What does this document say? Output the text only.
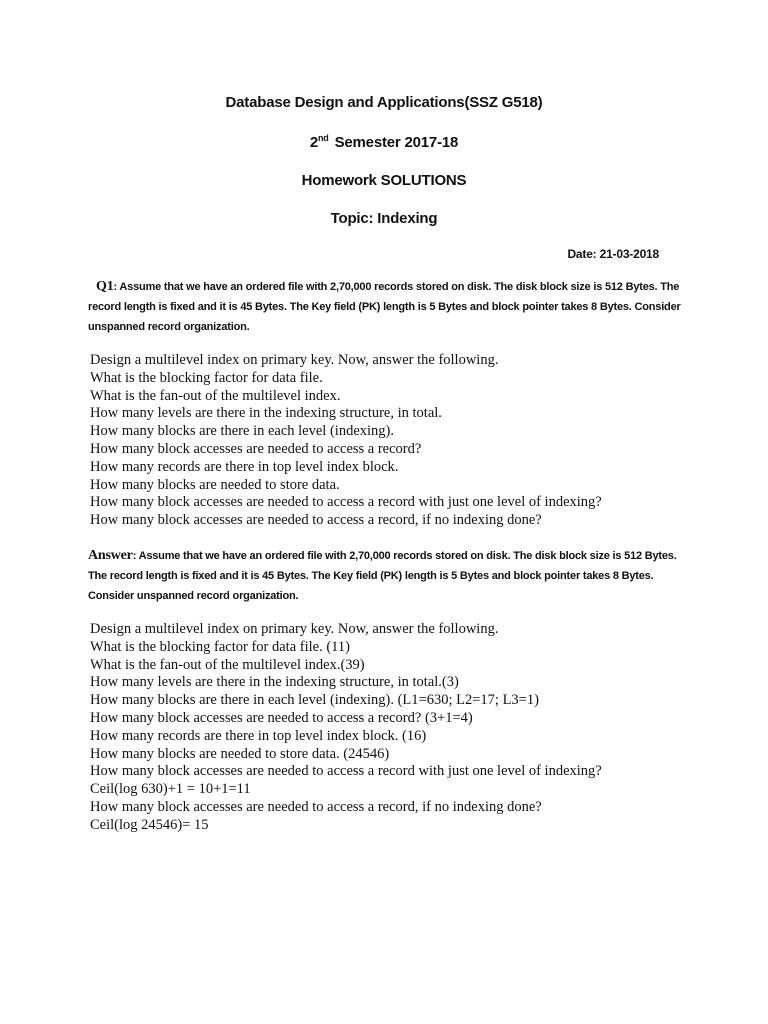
Database Design and Applications(SSZ G518)
2nd Semester 2017-18
Homework SOLUTIONS
Topic: Indexing
Date: 21-03-2018
Q1: Assume that we have an ordered file with 2,70,000 records stored on disk. The disk block size is 512 Bytes. The record length is fixed and it is 45 Bytes. The Key field (PK) length is 5 Bytes and block pointer takes 8 Bytes. Consider unspanned record organization.
Design a multilevel index on primary key. Now, answer the following.
What is the blocking factor for data file.
What is the fan-out of the multilevel index.
How many levels are there in the indexing structure, in total.
How many blocks are there in each level (indexing).
How many block accesses are needed to access a record?
How many records are there in top level index block.
How many blocks are needed to store data.
How many block accesses are needed to access a record with just one level of indexing?
How many block accesses are needed to access a record, if no indexing done?
Answer: Assume that we have an ordered file with 2,70,000 records stored on disk. The disk block size is 512 Bytes. The record length is fixed and it is 45 Bytes. The Key field (PK) length is 5 Bytes and block pointer takes 8 Bytes. Consider unspanned record organization.
Design a multilevel index on primary key. Now, answer the following.
What is the blocking factor for data file. (11)
What is the fan-out of the multilevel index.(39)
How many levels are there in the indexing structure, in total.(3)
How many blocks are there in each level (indexing). (L1=630; L2=17; L3=1)
How many block accesses are needed to access a record? (3+1=4)
How many records are there in top level index block. (16)
How many blocks are needed to store data. (24546)
How many block accesses are needed to access a record with just one level of indexing?
Ceil(log 630)+1 = 10+1=11
How many block accesses are needed to access a record, if no indexing done?
Ceil(log 24546)= 15
